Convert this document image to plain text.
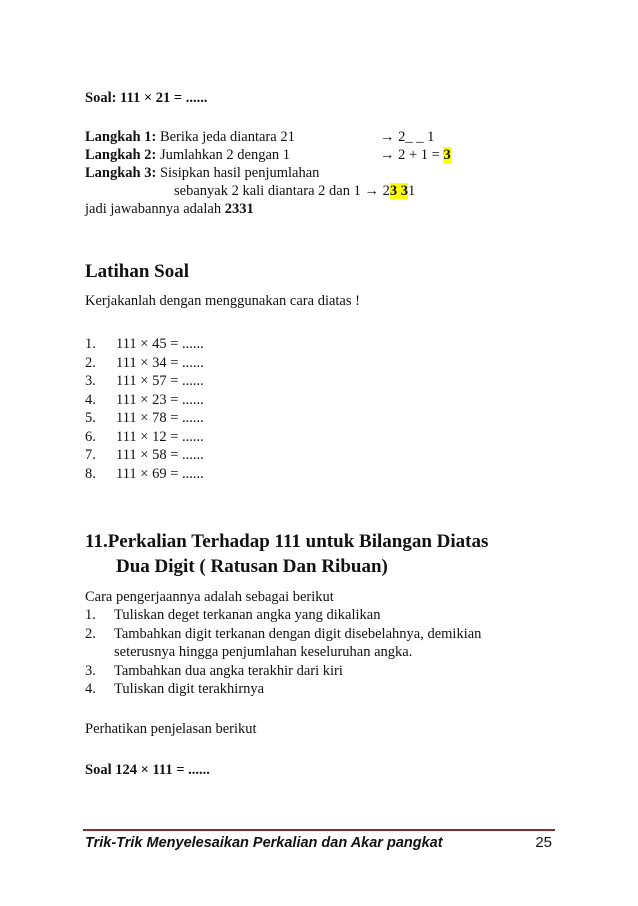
Soal: 111 × 21 = ......
Langkah 1: Berika jeda diantara 21	→ 2_ _ 1
Langkah 2: Jumlahkan 2 dengan 1	→ 2 + 1 = 3
Langkah 3: Sisipkan hasil penjumlahan
sebanyak 2 kali diantara 2 dan 1 → 23 31
jadi jawabannya adalah 2331
Latihan Soal
Kerjakanlah dengan menggunakan cara diatas !
1. 111 × 45 = ......
2. 111 × 34 = ......
3. 111 × 57 = ......
4. 111 × 23 = ......
5. 111 × 78 = ......
6. 111 × 12 = ......
7. 111 × 58 = ......
8. 111 × 69 = ......
11.Perkalian Terhadap 111 untuk Bilangan Diatas
Dua Digit ( Ratusan Dan Ribuan)
Cara pengerjaannya adalah sebagai berikut
1. Tuliskan deget terkanan angka yang dikalikan
2. Tambahkan digit terkanan dengan digit disebelahnya, demikian
seterusnya hingga penjumlahan keseluruhan angka.
3. Tambahkan dua angka terakhir dari kiri
4. Tuliskan digit terakhirnya
Perhatikan penjelasan berikut
Soal 124 × 111 = ......
Trik-Trik Menyelesaikan Perkalian dan Akar pangkat	25
